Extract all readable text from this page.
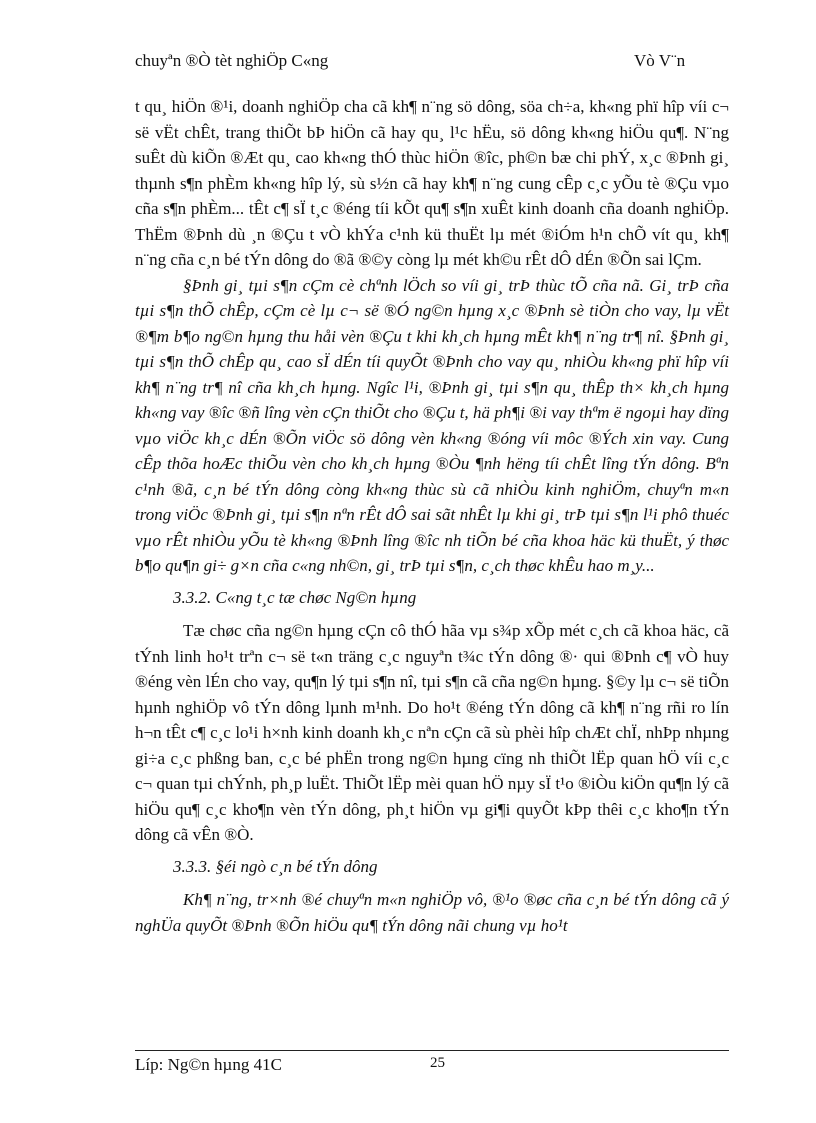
chuyªn ®Ò tèt nghiÖp C«ng	Vò V¨n

t qu¸ hiÖn ®¹i, doanh nghiÖp cha cã kh¶ n¨ng sö dông, söa ch÷a, kh«ng phï hîp víi c¬ së vËt chÊt, trang thiÕt bÞ hiÖn cã hay qu¸ l¹c hËu, sö dông kh«ng hiÖu qu¶. N¨ng suÊt dù kiÕn ®Æt qu¸ cao kh«ng thÓ thùc hiÖn ®îc, ph©n bæ chi phÝ, x¸c ®Þnh gi¸ thµnh s¶n phÈm kh«ng hîp lý, sù s½n cã hay kh¶ n¨ng cung cÊp c¸c yÕu tè ®Çu vµo cña s¶n phÈm... tÊt c¶ sÏ t¸c ®éng tíi kÕt qu¶ s¶n xuÊt kinh doanh cña doanh nghiÖp. ThËm ®Þnh dù ¸n ®Çu t vÒ khÝa c¹nh kü thuËt lµ mét ®iÓm h¹n chÕ vít qu¸ kh¶ n¨ng cña c¸n bé tÝn dông do ®ã ®©y còng lµ mét kh©u rÊt dÔ dÉn ®Õn sai lÇm.

§Þnh gi¸ tµi s¶n cÇm cè chªnh lÖch so víi gi¸ trÞ thùc tÕ cña nã. Gi¸ trÞ cña tµi s¶n thÕ chÊp, cÇm cè lµ c¬ së ®Ó ng©n hµng x¸c ®Þnh sè tiÒn cho vay, lµ vËt ®¶m b¶o ng©n hµng thu håi vèn ®Çu t khi kh¸ch hµng mÊt kh¶ n¨ng tr¶ nî. §Þnh gi¸ tµi s¶n thÕ chÊp qu¸ cao sÏ dÉn tíi quyÕt ®Þnh cho vay qu¸ nhiÒu kh«ng phï hîp víi kh¶ n¨ng tr¶ nî cña kh¸ch hµng. Ngîc l¹i, ®Þnh gi¸ tµi s¶n qu¸ thÊp th× kh¸ch hµng kh«ng vay ®îc ®ñ lîng vèn cÇn thiÕt cho ®Çu t, hä ph¶i ®i vay thªm ë ngoµi hay dïng vµo viÖc kh¸c dÉn ®Õn viÖc sö dông vèn kh«ng ®óng víi môc ®Ých xin vay. Cung cÊp thõa hoÆc thiÕu vèn cho kh¸ch hµng ®Òu ¶nh hëng tíi chÊt lîng tÝn dông. Bªn c¹nh ®ã, c¸n bé tÝn dông còng kh«ng thùc sù cã nhiÒu kinh nghiÖm, chuyªn m«n trong viÖc ®Þnh gi¸ tµi s¶n nªn rÊt dÔ sai sãt nhÊt lµ khi gi¸ trÞ tµi s¶n l¹i phô thuéc vµo rÊt nhiÒu yÕu tè kh«ng ®Þnh lîng ®îc nh tiÕn bé cña khoa häc kü thuËt, ý thøc b¶o qu¶n gi÷ g×n cña c«ng nh©n, gi¸ trÞ tµi s¶n, c¸ch thøc khÊu hao m¸y...

3.3.2. C«ng t¸c tæ chøc Ng©n hµng

Tæ chøc cña ng©n hµng cÇn cô thÓ hãa vµ s¾p xÕp mét c¸ch cã khoa häc, cã tÝnh linh ho¹t trªn c¬ së t«n träng c¸c nguyªn t¾c tÝn dông ®· qui ®Þnh c¶ vÒ huy ®éng vèn lÉn cho vay, qu¶n lý tµi s¶n nî, tµi s¶n cã cña ng©n hµng. §©y lµ c¬ së tiÕn hµnh nghiÖp vô tÝn dông lµnh m¹nh. Do ho¹t ®éng tÝn dông cã kh¶ n¨ng rñi ro lín h¬n tÊt c¶ c¸c lo¹i h×nh kinh doanh kh¸c nªn cÇn cã sù phèi hîp chÆt chÏ, nhÞp nhµng gi÷a c¸c phßng ban, c¸c bé phËn trong ng©n hµng cïng nh thiÕt lËp quan hÖ víi c¸c c¬ quan tµi chÝnh, ph¸p luËt. ThiÕt lËp mèi quan hÖ nµy sÏ t¹o ®iÒu kiÖn qu¶n lý cã hiÖu qu¶ c¸c kho¶n vèn tÝn dông, ph¸t hiÖn vµ gi¶i quyÕt kÞp thêi c¸c kho¶n tÝn dông cã vÊn ®Ò.

3.3.3. §éi ngò c¸n bé tÝn dông

Kh¶ n¨ng, tr×nh ®é chuyªn m«n nghiÖp vô, ®¹o ®øc cña c¸n bé tÝn dông cã ý nghÜa quyÕt ®Þnh ®Õn hiÖu qu¶ tÝn dông nãi chung vµ ho¹t

Líp: Ng©n hµng 41C	25
